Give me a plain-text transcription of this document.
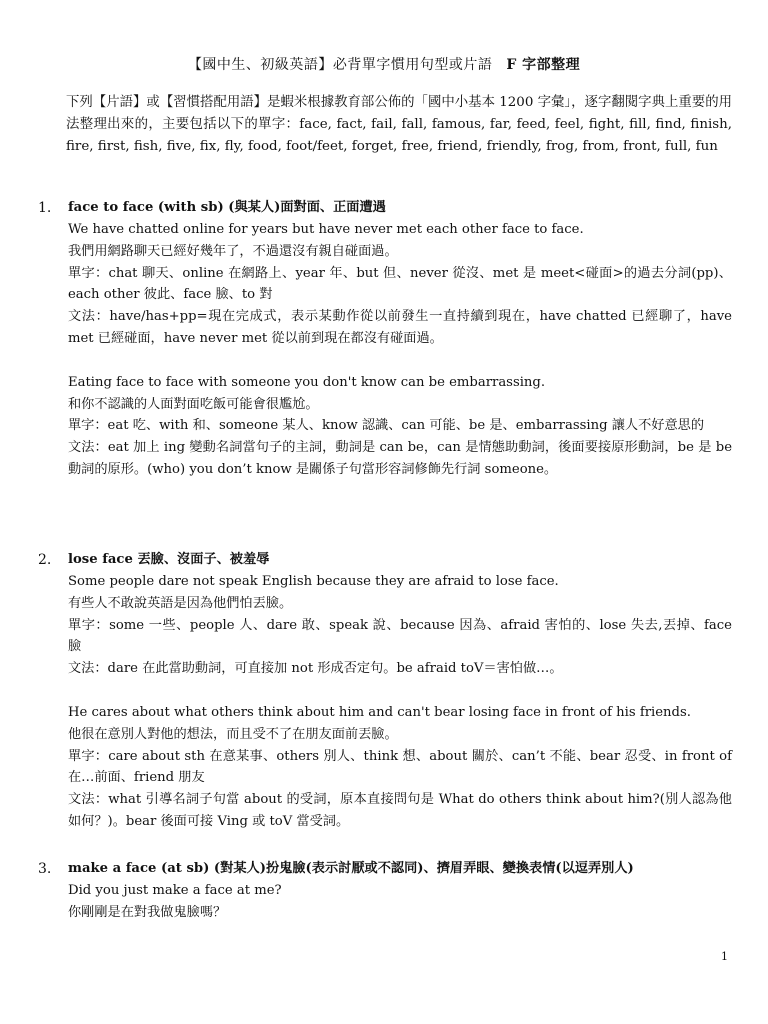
【國中生、初級英語】必背單字慣用句型或片語 F 字部整理
下列【片語】或【習慣搭配用語】是蝦米根據教育部公佈的「國中小基本 1200 字彙」，逐字翻閱字典上重要的用法整理出來的，主要包括以下的單字：face, fact, fail, fall, famous, far, feed, feel, fight, fill, find, finish, fire, first, fish, five, fix, fly, food, foot/feet, forget, free, friend, friendly, frog, from, front, full, fun
1.	face to face (with sb) (與某人)面對面、正面遭遇

We have chatted online for years but have never met each other face to face.

我們用網路聊天已經好幾年了，不過還沒有親自碰面過。

單字：chat 聊天、online 在網路上、year 年、but 但、never 從沒、met 是 meet<碰面>的過去分詞(pp)、each other 彼此、face 臉、to 對

文法：have/has+pp=現在完成式，表示某動作從以前發生一直持續到現在，have chatted 已經聊了，have met 已經碰面，have never met 從以前到現在都沒有碰面過。

Eating face to face with someone you don't know can be embarrassing.

和你不認識的人面對面吃飯可能會很尷尬。

單字：eat 吃、with 和、someone 某人、know 認識、can 可能、be 是、embarrassing 讓人不好意思的

文法：eat 加上 ing 變動名詞當句子的主詞，動詞是 can be，can 是情態助動詞，後面要接原形動詞，be 是 be 動詞的原形。(who) you don’t know 是關係子句當形容詞修飾先行詞 someone。

2.	lose face 丟臉、沒面子、被羞辱

Some people dare not speak English because they are afraid to lose face.

有些人不敢說英語是因為他們怕丟臉。

單字：some 一些、people 人、dare 敢、speak 說、because 因為、afraid 害怕的、lose 失去,丟掉、face 臉

文法：dare 在此當助動詞，可直接加 not 形成否定句。be afraid toV＝害怕做…。

He cares about what others think about him and can't bear losing face in front of his friends.

他很在意別人對他的想法，而且受不了在朋友面前丟臉。

單字：care about sth 在意某事、others 別人、think 想、about 關於、can’t 不能、bear 忍受、in front of 在…前面、friend 朋友

文法：what 引導名詞子句當 about 的受詞，原本直接問句是 What do others think about him?(別人認為他如何？)。bear 後面可接 Ving 或 toV 當受詞。

3.	make a face (at sb) (對某人)扮鬼臉(表示討厭或不認同)、擠眉弄眼、變換表情(以逗弄別人)

Did you just make a face at me?

你剛剛是在對我做鬼臉嗎？

1
